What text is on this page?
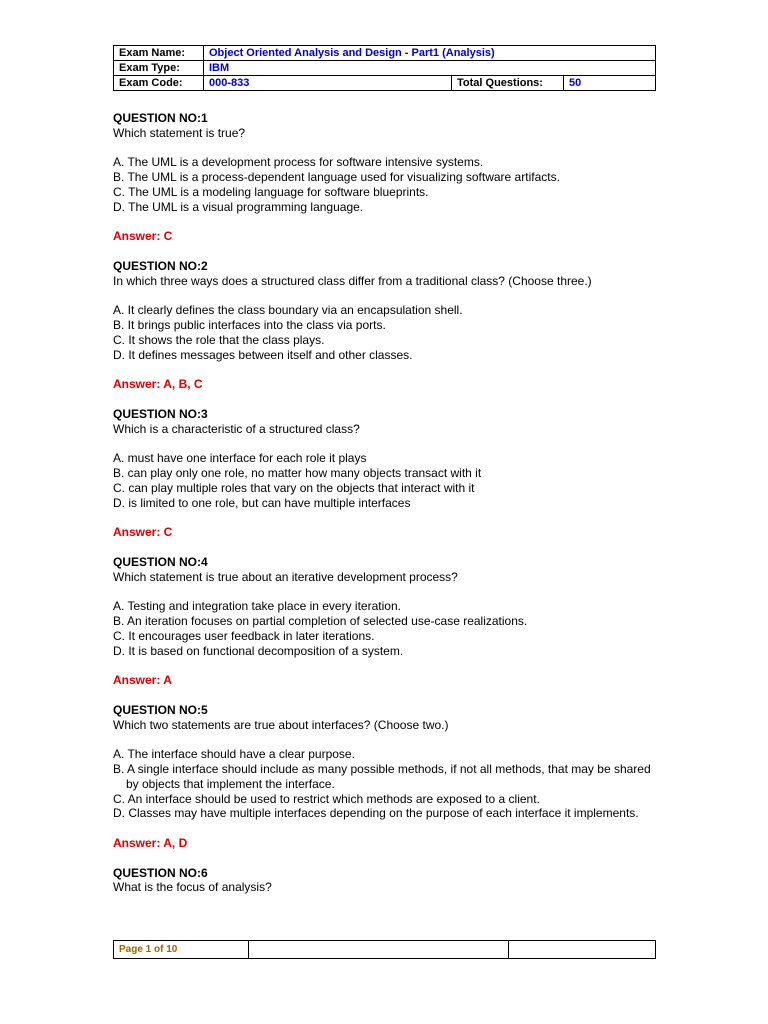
Exam Name:	Object Oriented Analysis and Design - Part1 (Analysis)		
Exam Type:	IBM		
Exam Code:	000-833	Total Questions:	50

QUESTION NO:1

Which statement is true?

A. The UML is a development process for software intensive systems.

B. The UML is a process-dependent language used for visualizing software artifacts.

C. The UML is a modeling language for software blueprints.

D. The UML is a visual programming language.

Answer: C

QUESTION NO:2

In which three ways does a structured class differ from a traditional class? (Choose three.)

A. It clearly defines the class boundary via an encapsulation shell.

B. It brings public interfaces into the class via ports.

C. It shows the role that the class plays.

D. It defines messages between itself and other classes.

Answer: A, B, C

QUESTION NO:3

Which is a characteristic of a structured class?

A. must have one interface for each role it plays

B. can play only one role, no matter how many objects transact with it

C. can play multiple roles that vary on the objects that interact with it

D. is limited to one role, but can have multiple interfaces

Answer: C

QUESTION NO:4

Which statement is true about an iterative development process?

A. Testing and integration take place in every iteration.

B. An iteration focuses on partial completion of selected use-case realizations.

C. It encourages user feedback in later iterations.

D. It is based on functional decomposition of a system.

Answer: A

QUESTION NO:5

Which two statements are true about interfaces? (Choose two.)

A. The interface should have a clear purpose.

B. A single interface should include as many possible methods, if not all methods, that may be shared by objects that implement the interface.

C. An interface should be used to restrict which methods are exposed to a client.

D. Classes may have multiple interfaces depending on the purpose of each interface it implements.

Answer: A, D

QUESTION NO:6

What is the focus of analysis?

Page 1 of 10		
